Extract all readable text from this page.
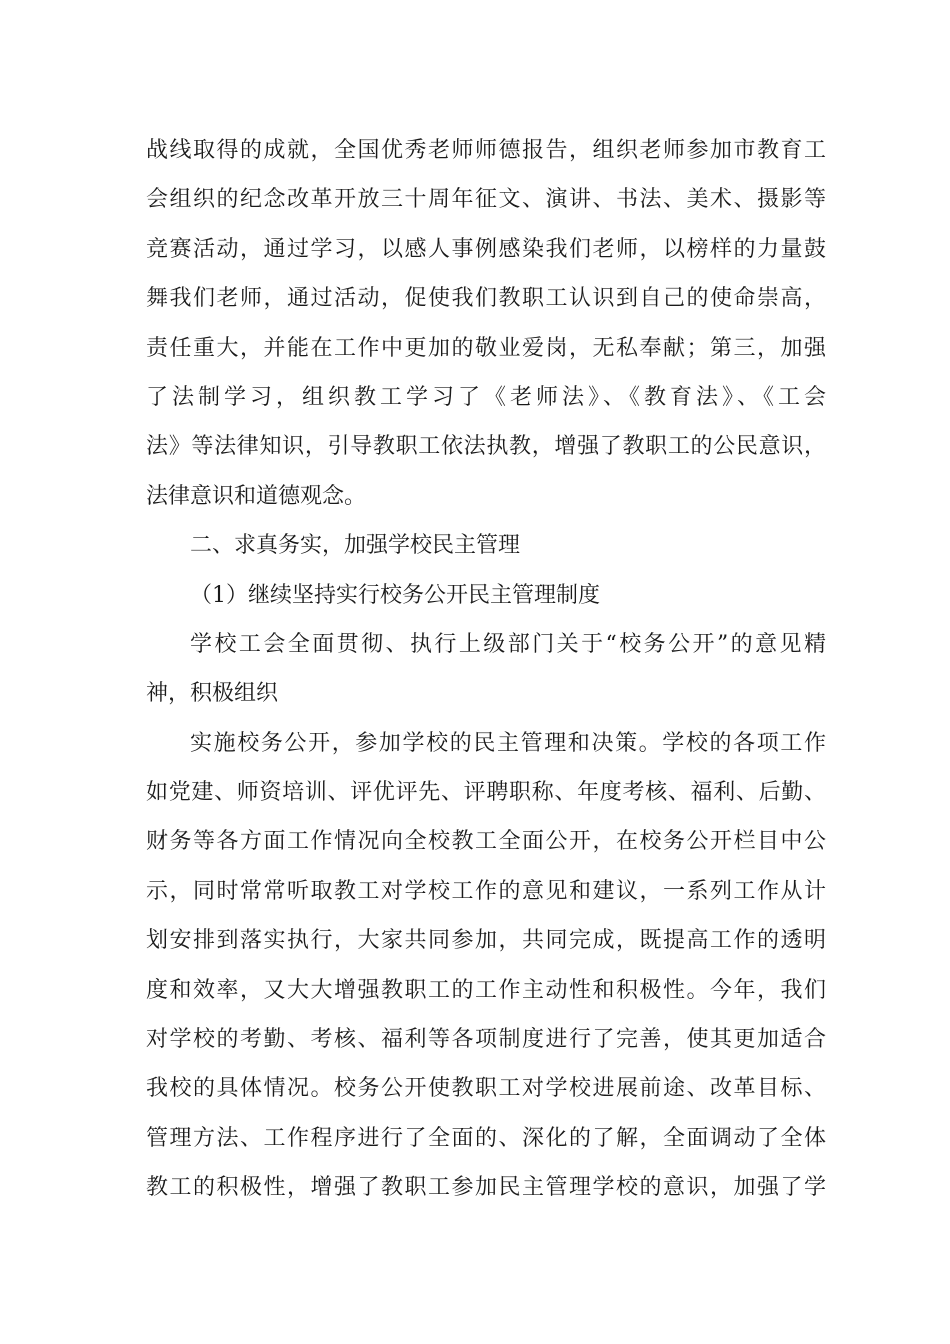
战线取得的成就，全国优秀老师师德报告，组织老师参加市教育工
会组织的纪念改革开放三十周年征文、演讲、书法、美术、摄影等
竞赛活动，通过学习，以感人事例感染我们老师，以榜样的力量鼓
舞我们老师，通过活动，促使我们教职工认识到自己的使命崇高，
责任重大，并能在工作中更加的敬业爱岗，无私奉献；第三，加强
了法制学习，组织教工学习了《老师法》、《教育法》、《工会
法》等法律知识，引导教职工依法执教，增强了教职工的公民意识，
法律意识和道德观念。
二、求真务实，加强学校民主管理
（1）继续坚持实行校务公开民主管理制度
学校工会全面贯彻、执行上级部门关于“校务公开”的意见精
神，积极组织
实施校务公开，参加学校的民主管理和决策。学校的各项工作
如党建、师资培训、评优评先、评聘职称、年度考核、福利、后勤、
财务等各方面工作情况向全校教工全面公开，在校务公开栏目中公
示，同时常常听取教工对学校工作的意见和建议，一系列工作从计
划安排到落实执行，大家共同参加，共同完成，既提高工作的透明
度和效率，又大大增强教职工的工作主动性和积极性。今年，我们
对学校的考勤、考核、福利等各项制度进行了完善，使其更加适合
我校的具体情况。校务公开使教职工对学校进展前途、改革目标、
管理方法、工作程序进行了全面的、深化的了解，全面调动了全体
教工的积极性，增强了教职工参加民主管理学校的意识，加强了学
